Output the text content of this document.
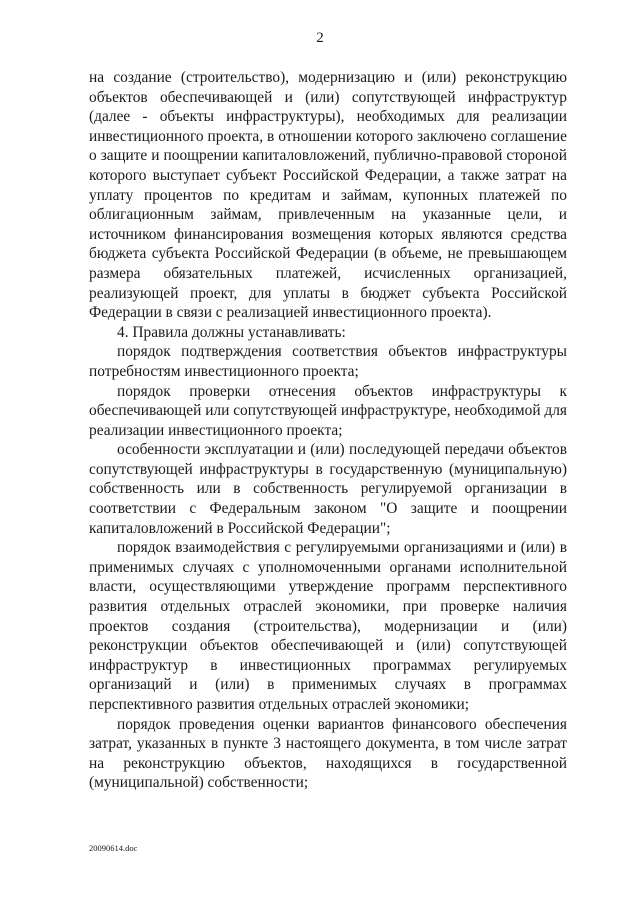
2

на создание (строительство), модернизацию и (или) реконструкцию объектов обеспечивающей и (или) сопутствующей инфраструктур (далее - объекты инфраструктуры), необходимых для реализации инвестиционного проекта, в отношении которого заключено соглашение о защите и поощрении капиталовложений, публично-правовой стороной которого выступает субъект Российской Федерации, а также затрат на уплату процентов по кредитам и займам, купонных платежей по облигационным займам, привлеченным на указанные цели, и источником финансирования возмещения которых являются средства бюджета субъекта Российской Федерации (в объеме, не превышающем размера обязательных платежей, исчисленных организацией, реализующей проект, для уплаты в бюджет субъекта Российской Федерации в связи с реализацией инвестиционного проекта).

4. Правила должны устанавливать:

порядок подтверждения соответствия объектов инфраструктуры потребностям инвестиционного проекта;

порядок проверки отнесения объектов инфраструктуры к обеспечивающей или сопутствующей инфраструктуре, необходимой для реализации инвестиционного проекта;

особенности эксплуатации и (или) последующей передачи объектов сопутствующей инфраструктуры в государственную (муниципальную) собственность или в собственность регулируемой организации в соответствии с Федеральным законом "О защите и поощрении капиталовложений в Российской Федерации";

порядок взаимодействия с регулируемыми организациями и (или) в применимых случаях с уполномоченными органами исполнительной власти, осуществляющими утверждение программ перспективного развития отдельных отраслей экономики, при проверке наличия проектов создания (строительства), модернизации и (или) реконструкции объектов обеспечивающей и (или) сопутствующей инфраструктур в инвестиционных программах регулируемых организаций и (или) в применимых случаях в программах перспективного развития отдельных отраслей экономики;

порядок проведения оценки вариантов финансового обеспечения затрат, указанных в пункте 3 настоящего документа, в том числе затрат на реконструкцию объектов, находящихся в государственной (муниципальной) собственности;

20090614.doc
